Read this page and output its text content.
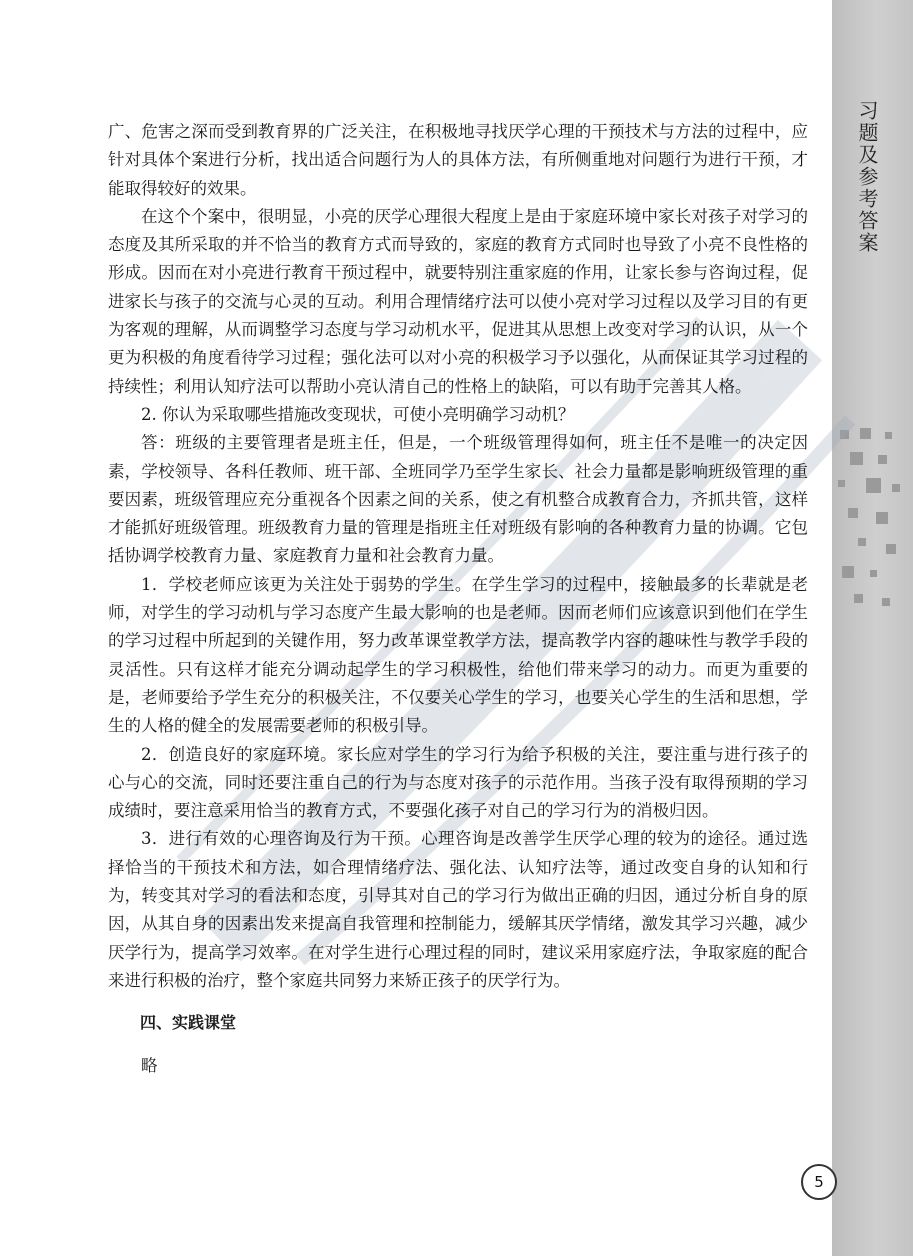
习题及参考答案

广、危害之深而受到教育界的广泛关注，在积极地寻找厌学心理的干预技术与方法的过程中，应针对具体个案进行分析，找出适合问题行为人的具体方法，有所侧重地对问题行为进行干预，才能取得较好的效果。

在这个个案中，很明显，小亮的厌学心理很大程度上是由于家庭环境中家长对孩子对学习的态度及其所采取的并不恰当的教育方式而导致的，家庭的教育方式同时也导致了小亮不良性格的形成。因而在对小亮进行教育干预过程中，就要特别注重家庭的作用，让家长参与咨询过程，促进家长与孩子的交流与心灵的互动。利用合理情绪疗法可以使小亮对学习过程以及学习目的有更为客观的理解，从而调整学习态度与学习动机水平，促进其从思想上改变对学习的认识，从一个更为积极的角度看待学习过程；强化法可以对小亮的积极学习予以强化，从而保证其学习过程的持续性；利用认知疗法可以帮助小亮认清自己的性格上的缺陷，可以有助于完善其人格。

2. 你认为采取哪些措施改变现状，可使小亮明确学习动机？

答：班级的主要管理者是班主任，但是，一个班级管理得如何，班主任不是唯一的决定因素，学校领导、各科任教师、班干部、全班同学乃至学生家长、社会力量都是影响班级管理的重要因素，班级管理应充分重视各个因素之间的关系，使之有机整合成教育合力，齐抓共管，这样才能抓好班级管理。班级教育力量的管理是指班主任对班级有影响的各种教育力量的协调。它包括协调学校教育力量、家庭教育力量和社会教育力量。

1．学校老师应该更为关注处于弱势的学生。在学生学习的过程中，接触最多的长辈就是老师，对学生的学习动机与学习态度产生最大影响的也是老师。因而老师们应该意识到他们在学生的学习过程中所起到的关键作用，努力改革课堂教学方法，提高教学内容的趣味性与教学手段的灵活性。只有这样才能充分调动起学生的学习积极性，给他们带来学习的动力。而更为重要的是，老师要给予学生充分的积极关注，不仅要关心学生的学习，也要关心学生的生活和思想，学生的人格的健全的发展需要老师的积极引导。

2．创造良好的家庭环境。家长应对学生的学习行为给予积极的关注，要注重与进行孩子的心与心的交流，同时还要注重自己的行为与态度对孩子的示范作用。当孩子没有取得预期的学习成绩时，要注意采用恰当的教育方式，不要强化孩子对自己的学习行为的消极归因。

3．进行有效的心理咨询及行为干预。心理咨询是改善学生厌学心理的较为的途径。通过选择恰当的干预技术和方法，如合理情绪疗法、强化法、认知疗法等，通过改变自身的认知和行为，转变其对学习的看法和态度，引导其对自己的学习行为做出正确的归因，通过分析自身的原因，从其自身的因素出发来提高自我管理和控制能力，缓解其厌学情绪，激发其学习兴趣，减少厌学行为，提高学习效率。在对学生进行心理过程的同时，建议采用家庭疗法，争取家庭的配合来进行积极的治疗，整个家庭共同努力来矫正孩子的厌学行为。

四、实践课堂

略

5
